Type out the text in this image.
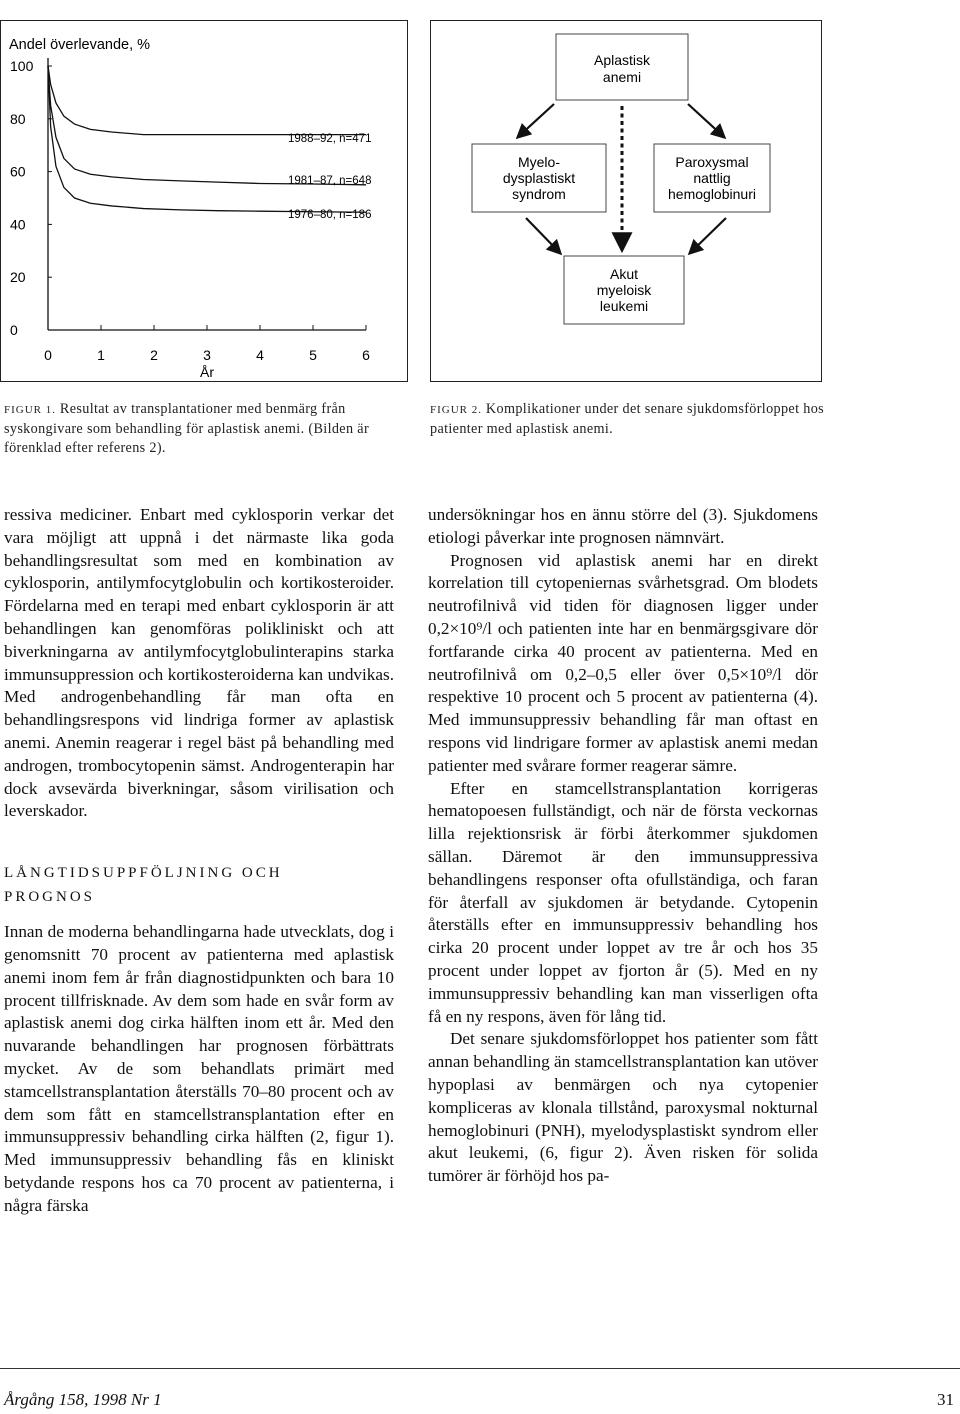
Andel överlevande, %
100
80
60
40
20
0
0	1	2	3	4	5	6
År
1988–92, n=471
1981–87, n=648
1976–80, n=186
Aplastisk
anemi
Myelo-
dysplastiskt
syndrom
Paroxysmal
nattlig
hemoglobinuri
Akut
myeloisk
leukemi
FIGUR 1. Resultat av transplantationer med benmärg från syskongivare som behandling för aplastisk anemi. (Bilden är förenklad efter referens 2).
FIGUR 2. Komplikationer under det senare sjukdomsförloppet hos patienter med aplastisk anemi.

ressiva mediciner. Enbart med cyklosporin verkar det vara möjligt att uppnå i det närmaste lika goda behandlingsresultat som med en kombination av cyklosporin, antilymfocytglobulin och kortikosteroider. Fördelarna med en terapi med enbart cyklosporin är att behandlingen kan genomföras polikliniskt och att biverkningarna av antilymfocytglobulinterapins starka immunsuppression och kortikosteroiderna kan undvikas. Med androgenbehandling får man ofta en behandlingsrespons vid lindriga former av aplastisk anemi. Anemin reagerar i regel bäst på behandling med androgen, trombocytopenin sämst. Androgenterapin har dock avsevärda biverkningar, såsom virilisation och leverskador.

LÅNGTIDSUPPFÖLJNING OCH
PROGNOS

Innan de moderna behandlingarna hade utvecklats, dog i genomsnitt 70 procent av patienterna med aplastisk anemi inom fem år från diagnostidpunkten och bara 10 procent tillfrisknade. Av dem som hade en svår form av aplastisk anemi dog cirka hälften inom ett år. Med den nuvarande behandlingen har prognosen förbättrats mycket. Av de som behandlats primärt med stamcellstransplantation återställs 70–80 procent och av dem som fått en stamcellstransplantation efter en immunsuppressiv behandling cirka hälften (2, figur 1). Med immunsuppressiv behandling fås en kliniskt betydande respons hos ca 70 procent av patienterna, i några färska

undersökningar hos en ännu större del (3). Sjukdomens etiologi påverkar inte prognosen nämnvärt.

Prognosen vid aplastisk anemi har en direkt korrelation till cytopeniernas svårhetsgrad. Om blodets neutrofilnivå vid tiden för diagnosen ligger under 0,2×10⁹/l och patienten inte har en benmärgsgivare dör fortfarande cirka 40 procent av patienterna. Med en neutrofilnivå om 0,2–0,5 eller över 0,5×10⁹/l dör respektive 10 procent och 5 procent av patienterna (4). Med immunsuppressiv behandling får man oftast en respons vid lindrigare former av aplastisk anemi medan patienter med svårare former reagerar sämre.

Efter en stamcellstransplantation korrigeras hematopoesen fullständigt, och när de första veckornas lilla rejektionsrisk är förbi återkommer sjukdomen sällan. Däremot är den immunsuppressiva behandlingens responser ofta ofullständiga, och faran för återfall av sjukdomen är betydande. Cytopenin återställs efter en immunsuppressiv behandling hos cirka 20 procent under loppet av tre år och hos 35 procent under loppet av fjorton år (5). Med en ny immunsuppressiv behandling kan man visserligen ofta få en ny respons, även för lång tid.

Det senare sjukdomsförloppet hos patienter som fått annan behandling än stamcellstransplantation kan utöver hypoplasi av benmärgen och nya cytopenier kompliceras av klonala tillstånd, paroxysmal nokturnal hemoglobinuri (PNH), myelodysplastiskt syndrom eller akut leukemi, (6, figur 2). Även risken för solida tumörer är förhöjd hos pa-

Årgång 158, 1998 Nr 1	31
